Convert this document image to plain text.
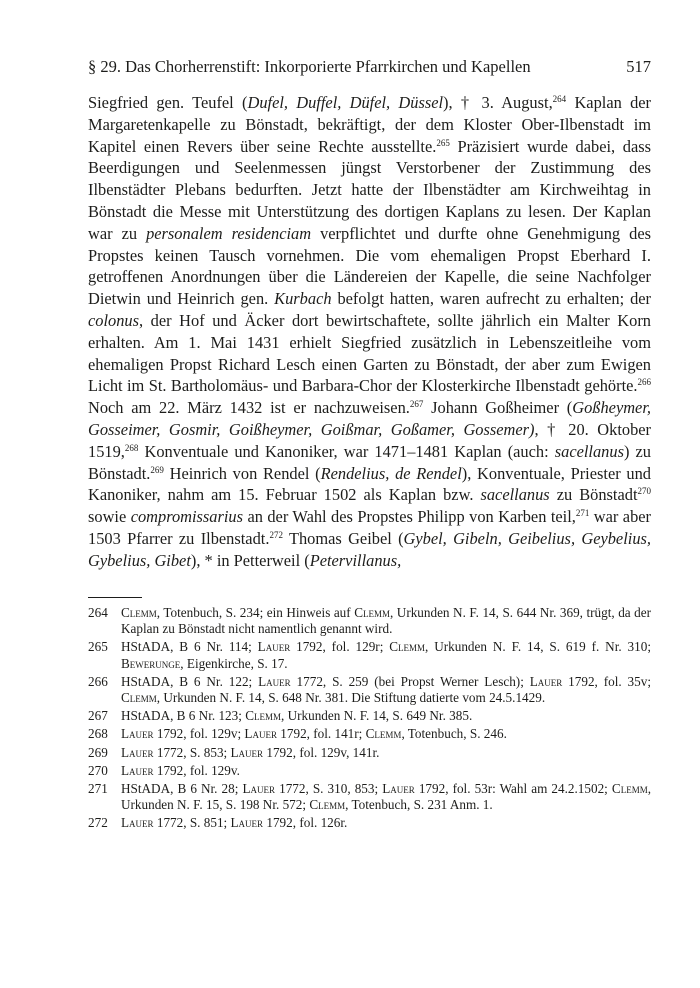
§ 29. Das Chorherrenstift: Inkorporierte Pfarrkirchen und Kapellen	517
Siegfried gen. Teufel (Dufel, Duffel, Düfel, Düssel), † 3. August,$^{264}$ Kaplan der Margaretenkapelle zu Bönstadt, bekräftigt, der dem Kloster Ober-Ilbenstadt im Kapitel einen Revers über seine Rechte ausstellte.$^{265}$ Präzisiert wurde dabei, dass Beerdigungen und Seelenmessen jüngst Verstorbener der Zustimmung des Ilbenstädter Plebans bedurften. Jetzt hatte der Ilbenstädter am Kirchweihtag in Bönstadt die Messe mit Unterstützung des dortigen Kaplans zu lesen. Der Kaplan war zu personalem residenciam verpflichtet und durfte ohne Genehmigung des Propstes keinen Tausch vornehmen. Die vom ehemaligen Propst Eberhard I. getroffenen Anordnungen über die Ländereien der Kapelle, die seine Nachfolger Dietwin und Heinrich gen. Kurbach befolgt hatten, waren aufrecht zu erhalten; der colonus, der Hof und Äcker dort bewirtschaftete, sollte jährlich ein Malter Korn erhalten. Am 1. Mai 1431 erhielt Siegfried zusätzlich in Lebenszeitleihe vom ehemaligen Propst Richard Lesch einen Garten zu Bönstadt, der aber zum Ewigen Licht im St. Bartholomäus- und Barbara-Chor der Klosterkirche Ilbenstadt gehörte.$^{266}$ Noch am 22. März 1432 ist er nachzuweisen.$^{267}$ Johann Goßheimer (Goßheymer, Gosseimer, Gosmir, Goißheymer, Goißmar, Goßamer, Gossemer), † 20. Oktober 1519,$^{268}$ Konventuale und Kanoniker, war 1471–1481 Kaplan (auch: sacellanus) zu Bönstadt.$^{269}$ Heinrich von Rendel (Rendelius, de Rendel), Konventuale, Priester und Kanoniker, nahm am 15. Februar 1502 als Kaplan bzw. sacellanus zu Bönstadt$^{270}$ sowie compromissarius an der Wahl des Propstes Philipp von Karben teil,$^{271}$ war aber 1503 Pfarrer zu Ilbenstadt.$^{272}$ Thomas Geibel (Gybel, Gibeln, Geibelius, Geybelius, Gybelius, Gibet), * in Petterweil (Petervillanus,
264	Clemm, Totenbuch, S. 234; ein Hinweis auf Clemm, Urkunden N. F. 14, S. 644 Nr. 369, trügt, da der Kaplan zu Bönstadt nicht namentlich genannt wird.
265	HStADA, B 6 Nr. 114; Lauer 1792, fol. 129r; Clemm, Urkunden N. F. 14, S. 619 f. Nr. 310; Bewerunge, Eigenkirche, S. 17.
266	HStADA, B 6 Nr. 122; Lauer 1772, S. 259 (bei Propst Werner Lesch); Lauer 1792, fol. 35v; Clemm, Urkunden N. F. 14, S. 648 Nr. 381. Die Stiftung datierte vom 24.5.1429.
267	HStADA, B 6 Nr. 123; Clemm, Urkunden N. F. 14, S. 649 Nr. 385.
268	Lauer 1792, fol. 129v; Lauer 1792, fol. 141r; Clemm, Totenbuch, S. 246.
269	Lauer 1772, S. 853; Lauer 1792, fol. 129v, 141r.
270	Lauer 1792, fol. 129v.
271	HStADA, B 6 Nr. 28; Lauer 1772, S. 310, 853; Lauer 1792, fol. 53r: Wahl am 24.2.1502; Clemm, Urkunden N. F. 15, S. 198 Nr. 572; Clemm, Totenbuch, S. 231 Anm. 1.
272	Lauer 1772, S. 851; Lauer 1792, fol. 126r.
